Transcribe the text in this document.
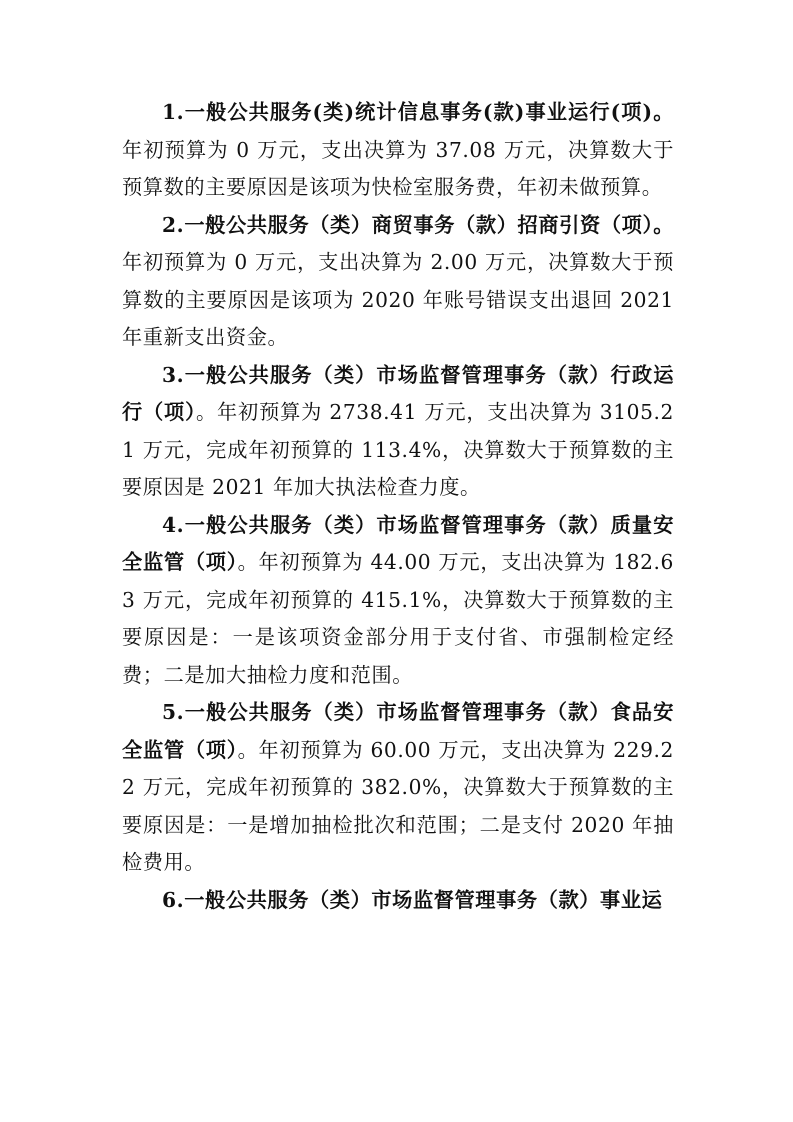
1.一般公共服务(类)统计信息事务(款)事业运行(项)。年初预算为 0 万元，支出决算为 37.08 万元，决算数大于预算数的主要原因是该项为快检室服务费，年初未做预算。

2.一般公共服务（类）商贸事务（款）招商引资（项）。年初预算为 0 万元，支出决算为 2.00 万元，决算数大于预算数的主要原因是该项为 2020 年账号错误支出退回 2021 年重新支出资金。

3.一般公共服务（类）市场监督管理事务（款）行政运行（项）。年初预算为 2738.41 万元，支出决算为 3105.21 万元，完成年初预算的 113.4%，决算数大于预算数的主要原因是 2021 年加大执法检查力度。

4.一般公共服务（类）市场监督管理事务（款）质量安全监管（项）。年初预算为 44.00 万元，支出决算为 182.63 万元，完成年初预算的 415.1%，决算数大于预算数的主要原因是：一是该项资金部分用于支付省、市强制检定经费；二是加大抽检力度和范围。

5.一般公共服务（类）市场监督管理事务（款）食品安全监管（项）。年初预算为 60.00 万元，支出决算为 229.22 万元，完成年初预算的 382.0%，决算数大于预算数的主要原因是：一是增加抽检批次和范围；二是支付 2020 年抽检费用。

6.一般公共服务（类）市场监督管理事务（款）事业运
